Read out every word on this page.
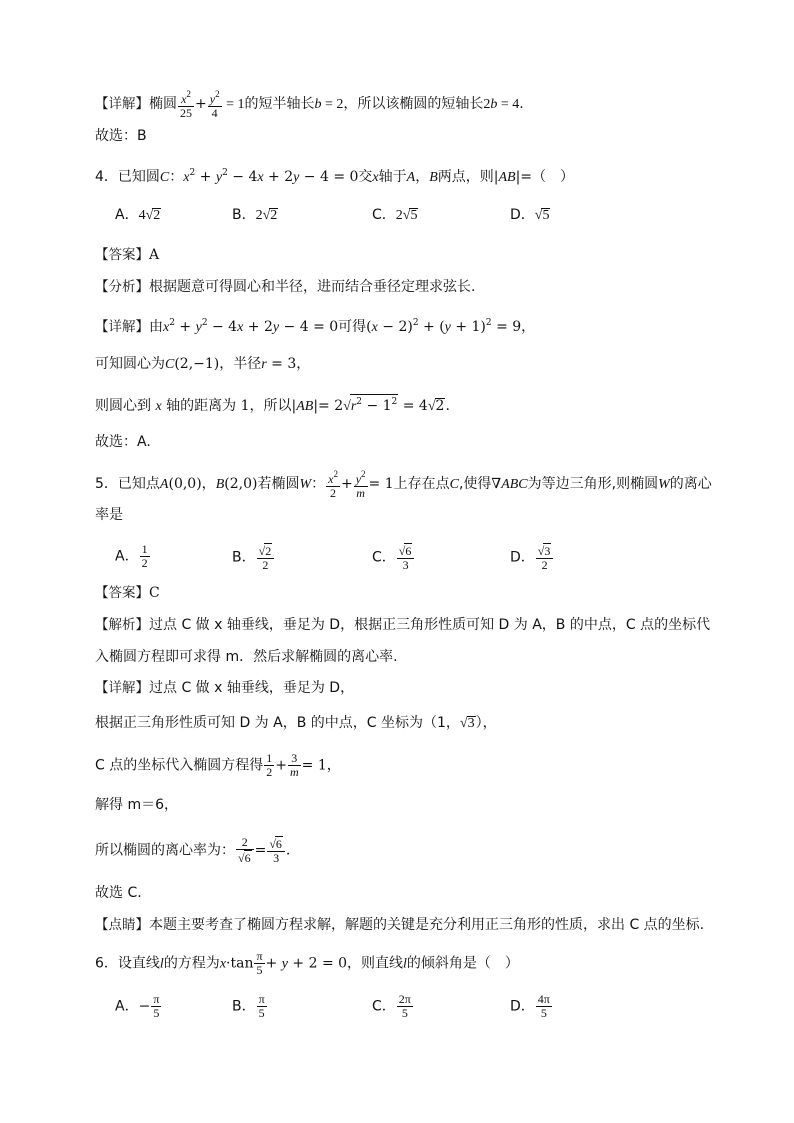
【详解】椭圆 $\frac{x^2}{25} + \frac{y^2}{4} = 1$的短半轴长b = 2，所以该椭圆的短轴长2b = 4.
故选：B
4．已知圆C：$x^2 + y^2 - 4x + 2y - 4 = 0$交x轴于A，B两点，则|AB|=（　）
A．4√2	B．2√2	C．2√5	D．√5
【答案】A
【分析】根据题意可得圆心和半径，进而结合垂径定理求弦长.
【详解】由$x^2 + y^2 - 4x + 2y - 4 = 0$可得$(x - 2)^2 + (y + 1)^2 = 9$，
可知圆心为C(2,−1)，半径r = 3，
则圆心到 x 轴的距离为 1，所以$|AB|= 2√r^2 - 1^2 = 4√2$.
故选：A.
5．已知点A(0,0)，B(2,0)若椭圆W： $\frac{x^2}{2} + \frac{y^2}{m} = 1$上存在点C,使得∇ABC为等边三角形,则椭圆W的离心
率是
A． $\frac{1}{2}$	B． $\frac{√2}{2}$	C． $\frac{√6}{3}$	D． $\frac{√3}{2}$
【答案】C
【解析】过点 C 做 x 轴垂线，垂足为 D，根据正三角形性质可知 D 为 A，B 的中点，C 点的坐标代
入椭圆方程即可求得 m．然后求解椭圆的离心率.
【详解】过点 C 做 x 轴垂线，垂足为 D，
根据正三角形性质可知 D 为 A，B 的中点，C 坐标为（1，√3），
C 点的坐标代入椭圆方程得 $\frac{1}{2} + \frac{3}{m} = 1$，
解得 m＝6，
所以椭圆的离心率为： $\frac{2}{√6} = \frac{√6}{3}$ .
故选 C.
【点睛】本题主要考查了椭圆方程求解，解题的关键是充分利用正三角形的性质，求出 C 点的坐标.
6．设直线l的方程为$x\cdot\tan \frac{\pi}{5} + y + 2 = 0$，则直线l的倾斜角是（　）
A．− $\frac{\pi}{5}$	B． $\frac{\pi}{5}$	C． $\frac{2\pi}{5}$	D． $\frac{4\pi}{5}$
